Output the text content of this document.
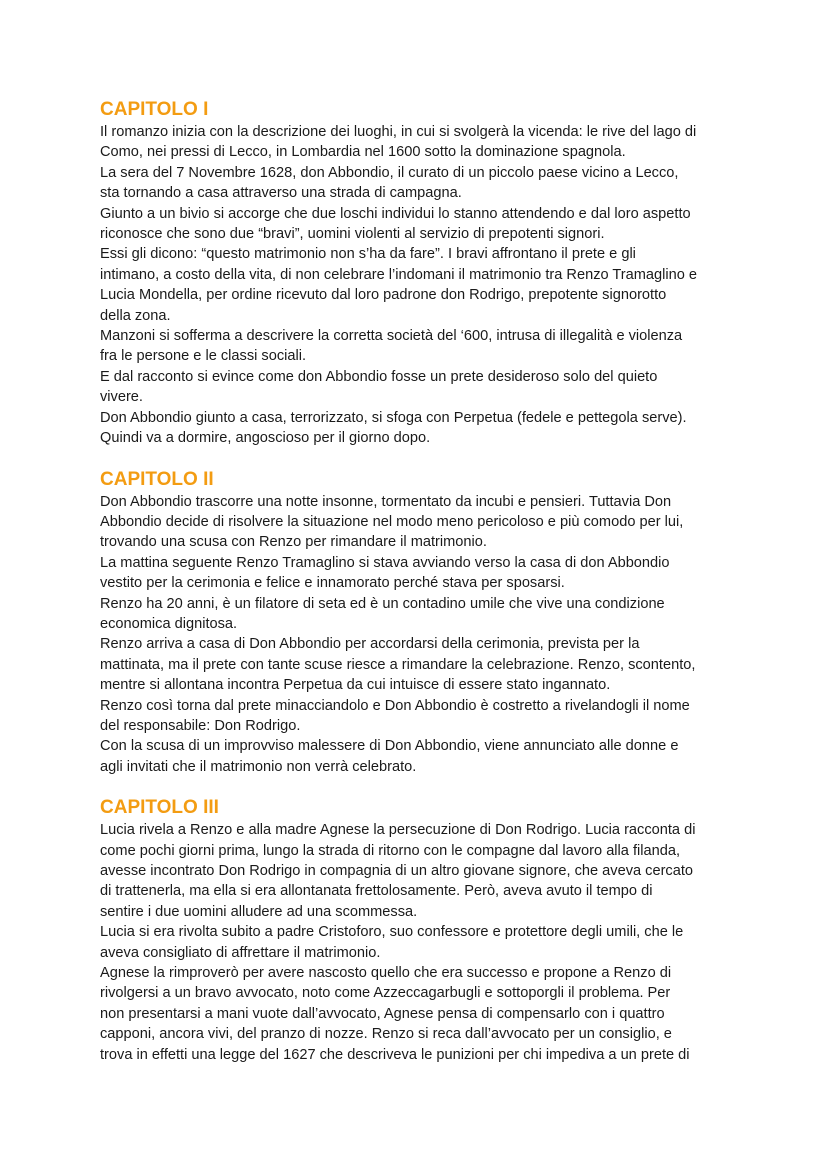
CAPITOLO I
Il romanzo inizia con la descrizione dei luoghi, in cui si svolgerà la vicenda: le rive del lago di
Como, nei pressi di Lecco, in Lombardia nel 1600 sotto la dominazione spagnola.
La sera del 7 Novembre 1628, don Abbondio, il curato di un piccolo paese vicino a Lecco,
sta tornando a casa attraverso una strada di campagna.
Giunto a un bivio si accorge che due loschi individui lo stanno attendendo e dal loro aspetto
riconosce che sono due “bravi”, uomini violenti al servizio di prepotenti signori.
Essi gli dicono: “questo matrimonio non s’ha da fare”. I bravi affrontano il prete e gli
intimano, a costo della vita, di non celebrare l’indomani il matrimonio tra Renzo Tramaglino e
Lucia Mondella, per ordine ricevuto dal loro padrone don Rodrigo, prepotente signorotto
della zona.
Manzoni si sofferma a descrivere la corretta società del ‘600, intrusa di illegalità e violenza
fra le persone e le classi sociali.
E dal racconto si evince come don Abbondio fosse un prete desideroso solo del quieto
vivere.
Don Abbondio giunto a casa, terrorizzato, si sfoga con Perpetua (fedele e pettegola serve).
Quindi va a dormire, angoscioso per il giorno dopo.
CAPITOLO II
Don Abbondio trascorre una notte insonne, tormentato da incubi e pensieri. Tuttavia Don
Abbondio decide di risolvere la situazione nel modo meno pericoloso e più comodo per lui,
trovando una scusa con Renzo per rimandare il matrimonio.
La mattina seguente Renzo Tramaglino si stava avviando verso la casa di don Abbondio
vestito per la cerimonia e felice e innamorato perché stava per sposarsi.
Renzo ha 20 anni, è un filatore di seta ed è un contadino umile che vive una condizione
economica dignitosa.
Renzo arriva a casa di Don Abbondio per accordarsi della cerimonia, prevista per la
mattinata, ma il prete con tante scuse riesce a rimandare la celebrazione. Renzo, scontento,
mentre si allontana incontra Perpetua da cui intuisce di essere stato ingannato.
Renzo così torna dal prete minacciandolo e Don Abbondio è costretto a rivelandogli il nome
del responsabile: Don Rodrigo.
Con la scusa di un improvviso malessere di Don Abbondio, viene annunciato alle donne e
agli invitati che il matrimonio non verrà celebrato.
CAPITOLO III
Lucia rivela a Renzo e alla madre Agnese la persecuzione di Don Rodrigo. Lucia racconta di
come pochi giorni prima, lungo la strada di ritorno con le compagne dal lavoro alla filanda,
avesse incontrato Don Rodrigo in compagnia di un altro giovane signore, che aveva cercato
di trattenerla, ma ella si era allontanata frettolosamente. Però, aveva avuto il tempo di
sentire i due uomini alludere ad una scommessa.
Lucia si era rivolta subito a padre Cristoforo, suo confessore e protettore degli umili, che le
aveva consigliato di affrettare il matrimonio.
Agnese la rimproverò per avere nascosto quello che era successo e propone a Renzo di
rivolgersi a un bravo avvocato, noto come Azzeccagarbugli e sottoporgli il problema. Per
non presentarsi a mani vuote dall’avvocato, Agnese pensa di compensarlo con i quattro
capponi, ancora vivi, del pranzo di nozze. Renzo si reca dall’avvocato per un consiglio, e
trova in effetti una legge del 1627 che descriveva le punizioni per chi impediva a un prete di
